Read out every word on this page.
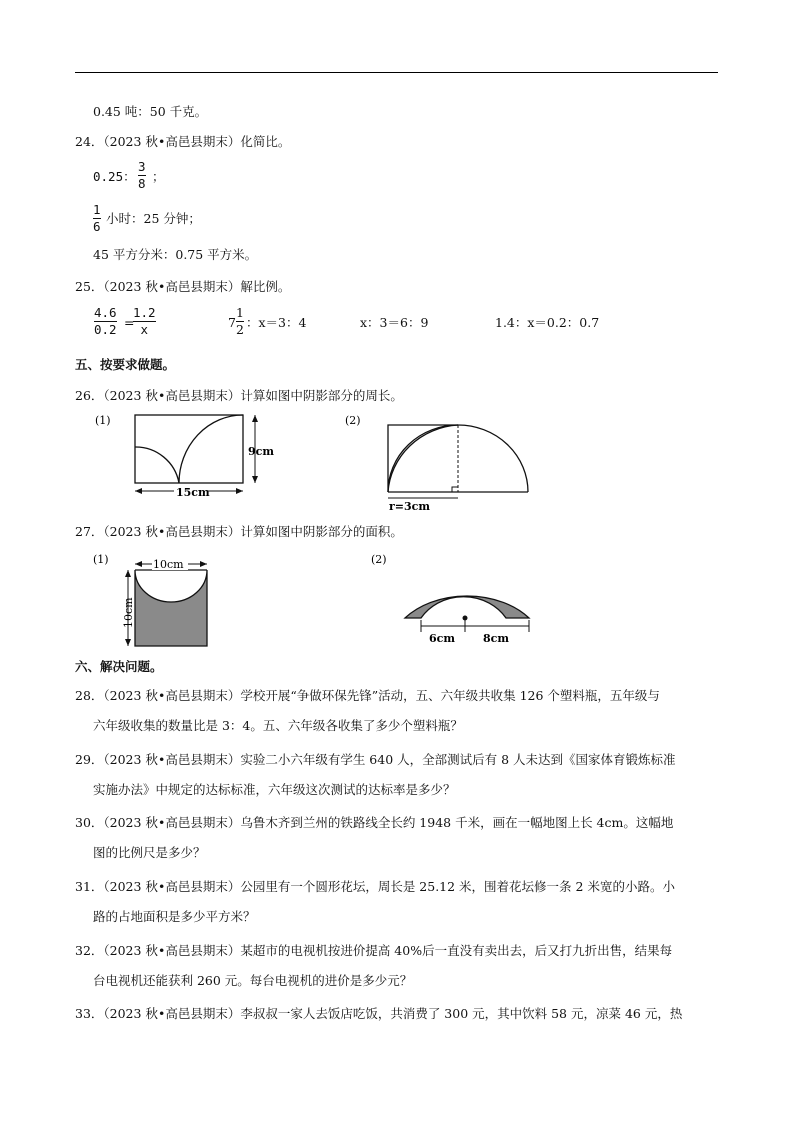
0.45 吨：50 千克。
24．（2023 秋•高邑县期末）化简比。
0.25：
3
8 ；
1
6
小时：25 分钟；
45 平方分米：0.75 平方米。
25．（2023 秋•高邑县期末）解比例。
4.6
0.2 =
1.2
x	7
1
2 ：x＝3：4	x：3＝6：9	1.4：x＝0.2：0.7
五、按要求做题。
26．（2023 秋•高邑县期末）计算如图中阴影部分的周长。
(1)
9cm
15cm
(2)
r=3cm
27．（2023 秋•高邑县期末）计算如图中阴影部分的面积。
(1)	10cm
10cm
(2)
6cm	8cm
六、解决问题。
28．（2023 秋•高邑县期末）学校开展“争做环保先锋”活动，五、六年级共收集 126 个塑料瓶，五年级与
六年级收集的数量比是 3：4。五、六年级各收集了多少个塑料瓶？
29．（2023 秋•高邑县期末）实验二小六年级有学生 640 人，全部测试后有 8 人未达到《国家体育锻炼标准
实施办法》中规定的达标标准，六年级这次测试的达标率是多少？
30．（2023 秋•高邑县期末）乌鲁木齐到兰州的铁路线全长约 1948 千米，画在一幅地图上长 4cm。这幅地
图的比例尺是多少？
31．（2023 秋•高邑县期末）公园里有一个圆形花坛，周长是 25.12 米，围着花坛修一条 2 米宽的小路。小
路的占地面积是多少平方米？
32．（2023 秋•高邑县期末）某超市的电视机按进价提高 40%后一直没有卖出去，后又打九折出售，结果每
台电视机还能获利 260 元。每台电视机的进价是多少元？
33．（2023 秋•高邑县期末）李叔叔一家人去饭店吃饭，共消费了 300 元，其中饮料 58 元，凉菜 46 元，热
